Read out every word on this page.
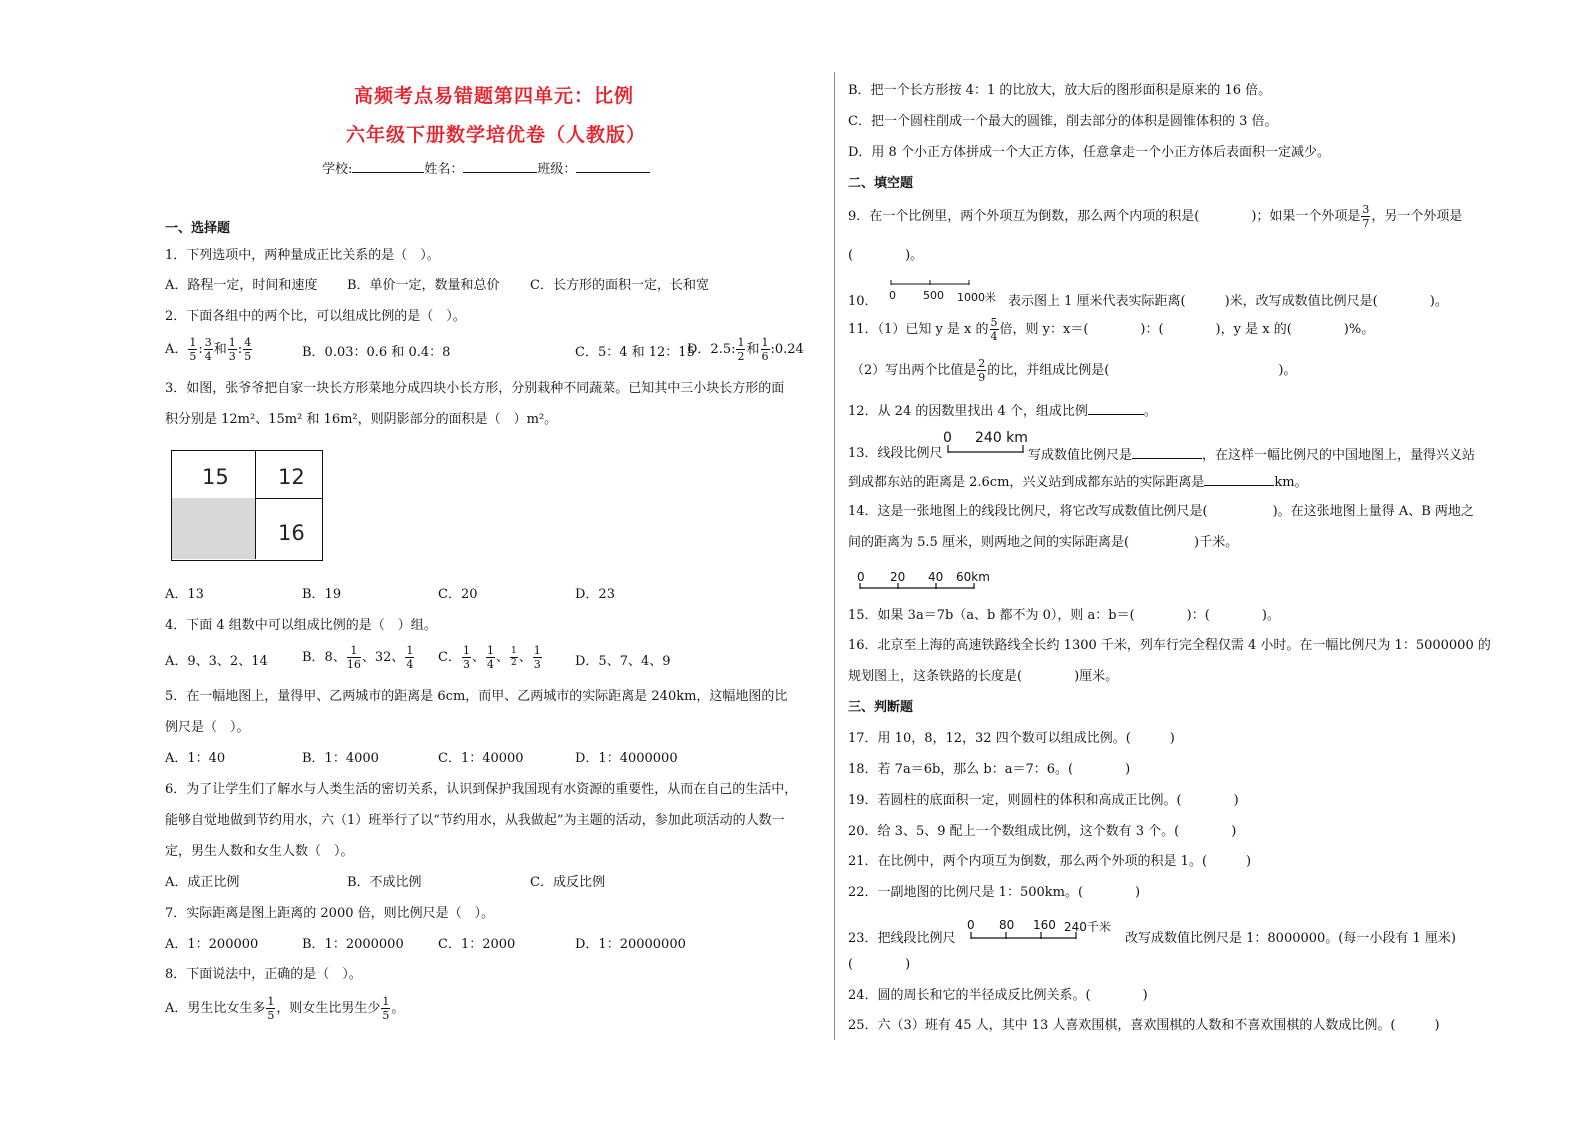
高频考点易错题第四单元：比例
六年级下册数学培优卷（人教版）
学校:	姓名：	班级：
一、选择题
1．下列选项中，两种量成正比关系的是（　）。
A．路程一定，时间和速度 B．单价一定，数量和总价 C．长方形的面积一定，长和宽
2．下面各组中的两个比，可以组成比例的是（　）。
A． $\frac{1}{5}$ : $\frac{3}{4}$ 和 $\frac{1}{3}$ : $\frac{4}{5}$	B．0.03：0.6 和 0.4：8	C．5：4 和 12：15
D．2.5: $\frac{1}{2}$ 和 $\frac{1}{6}$ :0.24
3．如图，张爷爷把自家一块长方形菜地分成四块小长方形，分别栽种不同蔬菜。已知其中三小块长方形的面
积分别是 12m²、15m² 和 16m²，则阴影部分的面积是（　）m²。
15 12
16
A．13	B．19	C．20	D．23
4．下面 4 组数中可以组成比例的是（　）组。
A．9、3、2、14	B．8、 $\frac{1}{16}$ 、32、 $\frac{1}{4}$ C． $\frac{1}{3}$ 、 $\frac{1}{4}$ 、 $\frac{1}{2}$ 、 $\frac{1}{3}$	D．5、7、4、9
5．在一幅地图上，量得甲、乙两城市的距离是 6cm，而甲、乙两城市的实际距离是 240km，这幅地图的比
例尺是（　）。
A．1：40	B．1：4000	C．1：40000	D．1：4000000
6．为了让学生们了解水与人类生活的密切关系，认识到保护我国现有水资源的重要性，从而在自己的生活中，
能够自觉地做到节约用水，六（1）班举行了以“节约用水，从我做起”为主题的活动，参加此项活动的人数一
定，男生人数和女生人数（　）。
A．成正比例	B．不成比例	C．成反比例
7．实际距离是图上距离的 2000 倍，则比例尺是（　）。
A．1：200000	B．1：2000000	C．1：2000	D．1：20000000
8．下面说法中，正确的是（　）。
A．男生比女生多 $\frac{1}{5}$ ，则女生比男生少 $\frac{1}{5}$ 。
B．把一个长方形按 4：1 的比放大，放大后的图形面积是原来的 16 倍。
C．把一个圆柱削成一个最大的圆锥，削去部分的体积是圆锥体积的 3 倍。
D．用 8 个小正方体拼成一个大正方体，任意拿走一个小正方体后表面积一定减少。
二、填空题
9．在一个比例里，两个外项互为倒数，那么两个内项的积是(　　　　)；如果一个外项是 $\frac{3}{7}$ ，另一个外项是
(　　　　)。
10． 0 500 1000米 表示图上 1 厘米代表实际距离(　　　)米，改写成数值比例尺是(　　　　)。
11．（1）已知 y 是 x 的 $\frac{5}{4}$ 倍，则 y：x＝(　　　　)：(　　　　)，y 是 x 的(　　　　)%。
（2）写出两个比值是 $\frac{2}{9}$ 的比，并组成比例是(　　　　　　　　　　　　　)。
12．从 24 的因数里找出 4 个，组成比例	。
13．线段比例尺
0 240 km
写成数值比例尺是	，在这样一幅比例尺的中国地图上，量得兴义站
到成都东站的距离是 2.6cm，兴义站到成都东站的实际距离是	km。
14．这是一张地图上的线段比例尺，将它改写成数值比例尺是(　　　　　)。在这张地图上量得 A、B 两地之
间的距离为 5.5 厘米，则两地之间的实际距离是(　　　　　)千米。
0 20 40 60km
15．如果 3a＝7b（a、b 都不为 0），则 a：b＝(　　　　)：(　　　　)。
16．北京至上海的高速铁路线全长约 1300 千米，列车行完全程仅需 4 小时。在一幅比例尺为 1：5000000 的
规划图上，这条铁路的长度是(　　　　)厘米。
三、判断题
17．用 10，8，12，32 四个数可以组成比例。(　　　)
18．若 7a＝6b，那么 b：a＝7：6。(　　　　)
19．若圆柱的底面积一定，则圆柱的体积和高成正比例。(　　　　)
20．给 3、5、9 配上一个数组成比例，这个数有 3 个。(　　　　)
21．在比例中，两个内项互为倒数，那么两个外项的积是 1。(　　　)
22．一副地图的比例尺是 1：500km。(　　　　)
23．把线段比例尺
0 80 160 240千米
改写成数值比例尺是 1：8000000。(每一小段有 1 厘米)
(　　　　)
24．圆的周长和它的半径成反比例关系。(　　　　)
25．六（3）班有 45 人，其中 13 人喜欢围棋，喜欢围棋的人数和不喜欢围棋的人数成比例。(　　　)
